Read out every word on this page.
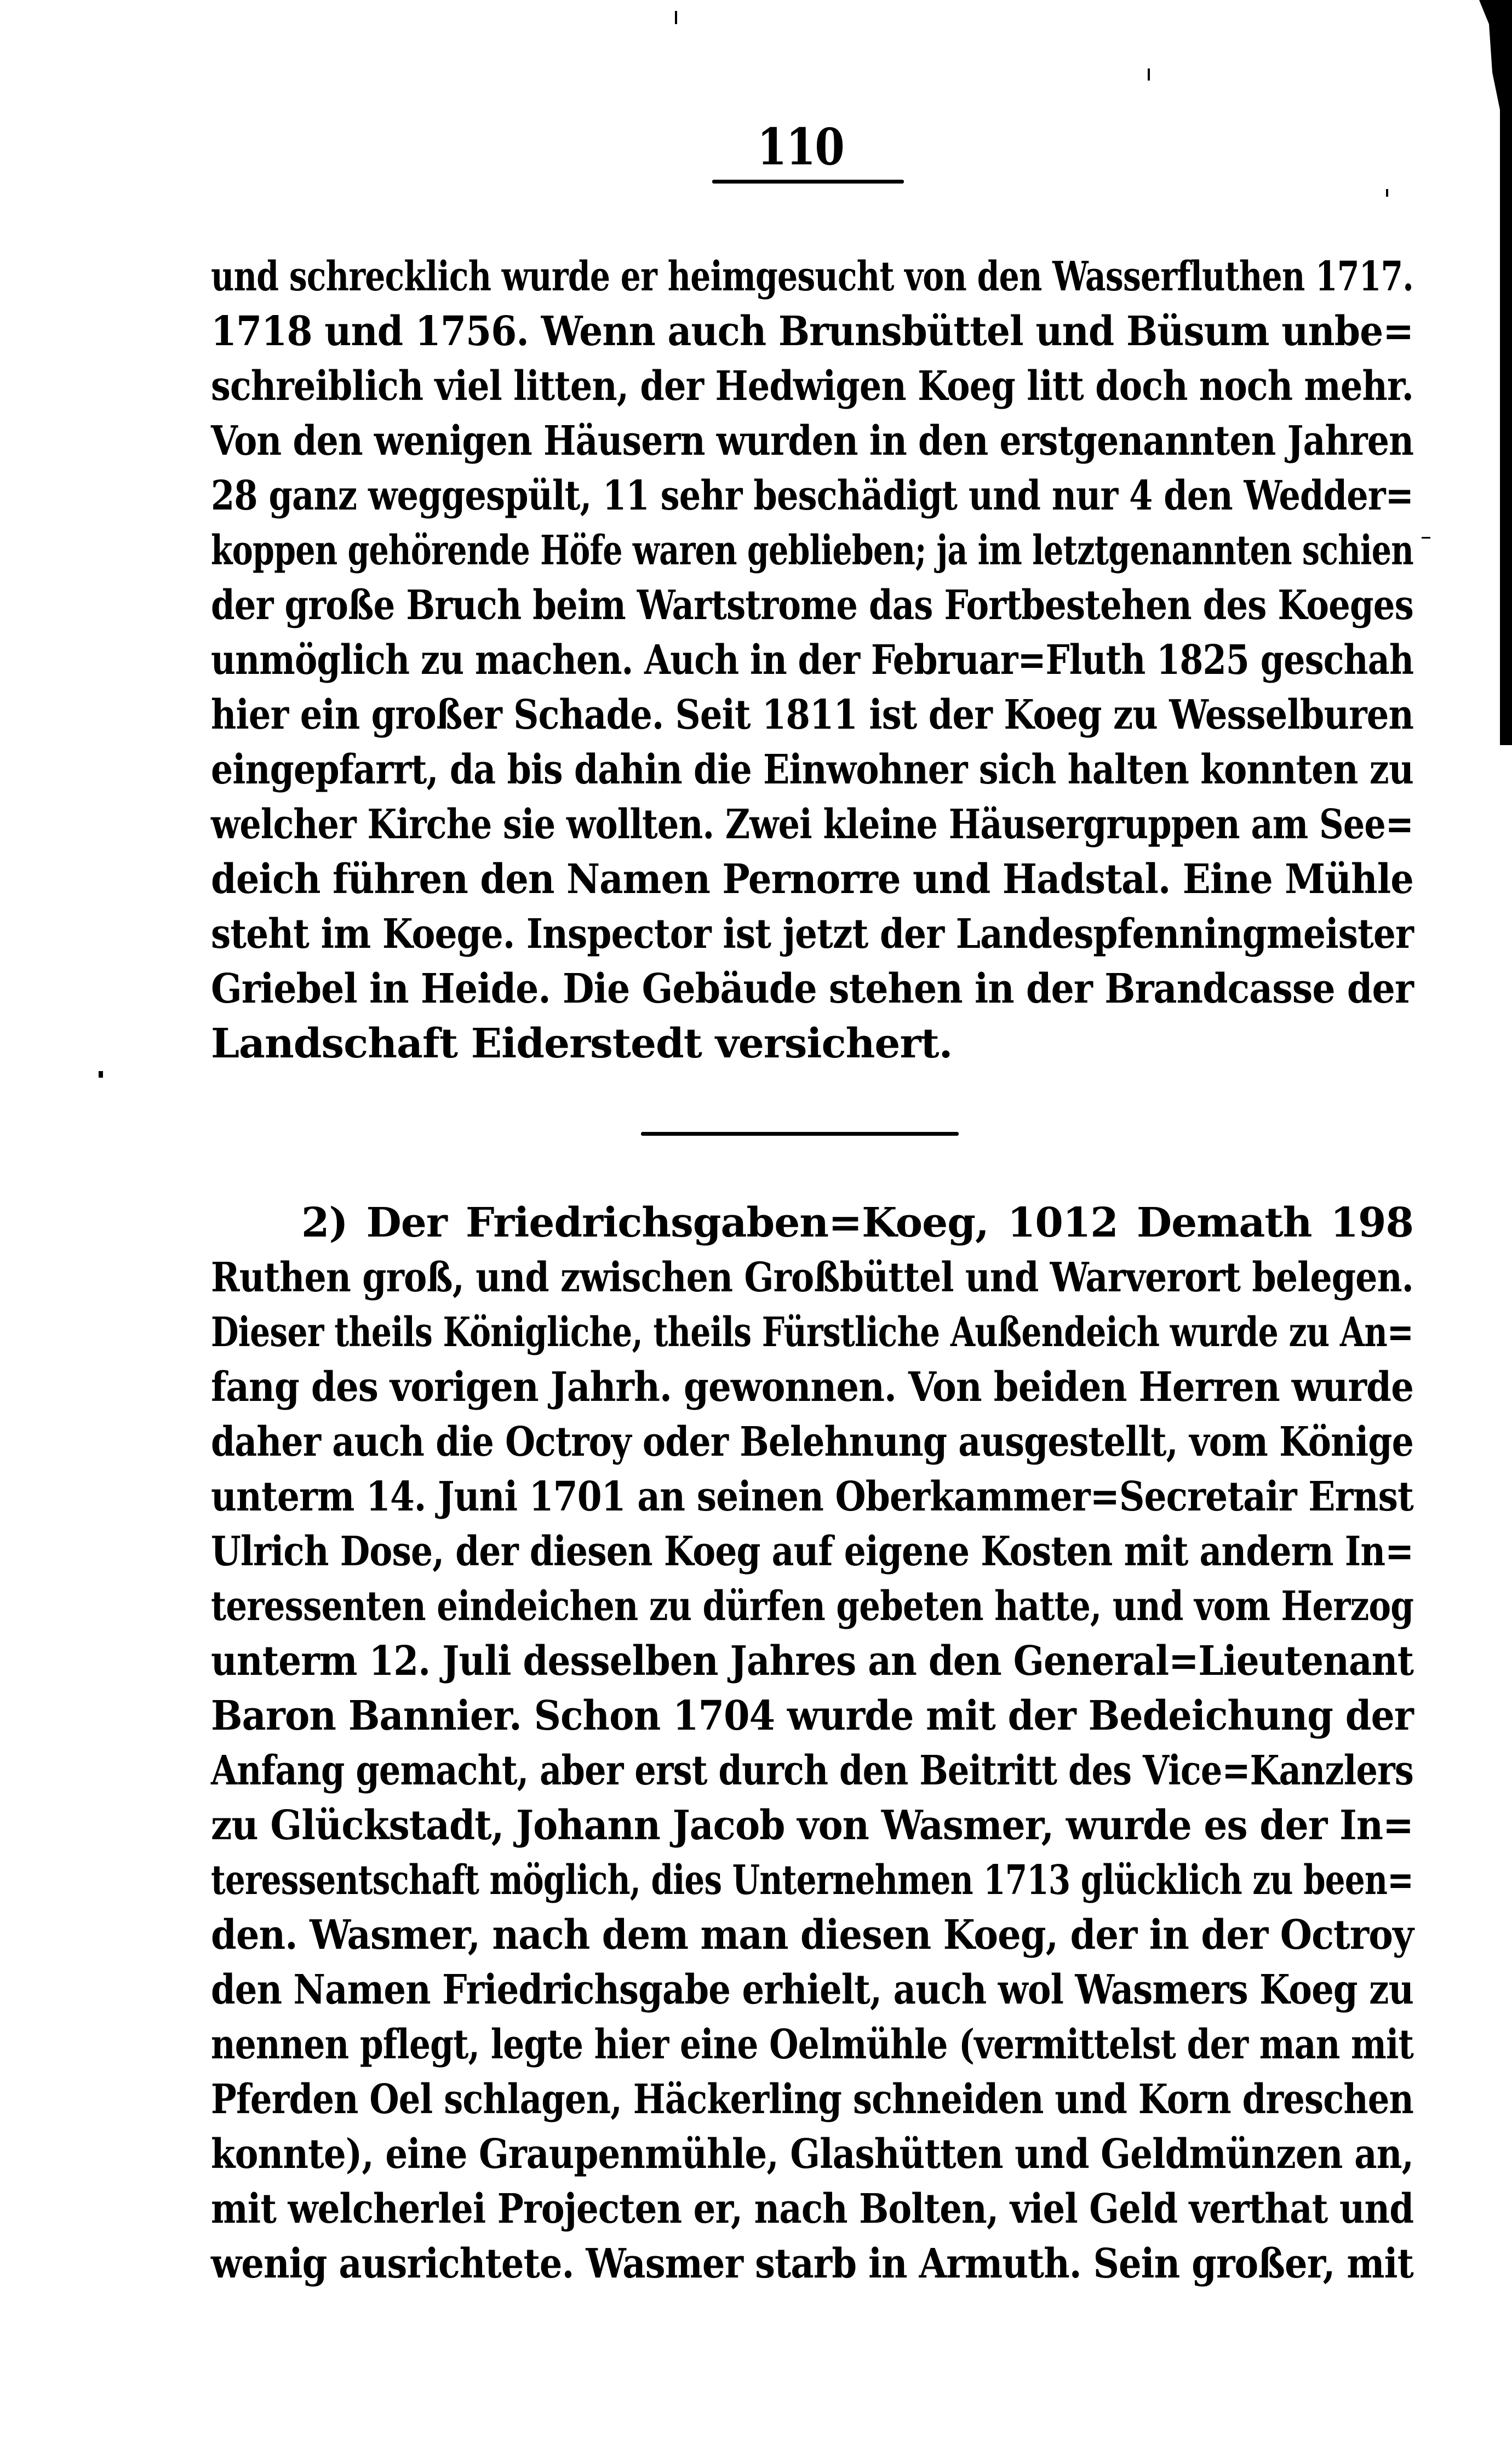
110
und schrecklich wurde er heimgesucht von den Wasserfluthen 1717.
1718 und 1756. Wenn auch Brunsbüttel und Büsum unbe=
schreiblich viel litten, der Hedwigen Koeg litt doch noch mehr.
Von den wenigen Häusern wurden in den erstgenannten Jahren
28 ganz weggespült, 11 sehr beschädigt und nur 4 den Wedder=
koppen gehörende Höfe waren geblieben; ja im letztgenannten schien
der große Bruch beim Wartstrome das Fortbestehen des Koeges
unmöglich zu machen. Auch in der Februar=Fluth 1825 geschah
hier ein großer Schade. Seit 1811 ist der Koeg zu Wesselburen
eingepfarrt, da bis dahin die Einwohner sich halten konnten zu
welcher Kirche sie wollten. Zwei kleine Häusergruppen am See=
deich führen den Namen Pernorre und Hadstal. Eine Mühle
steht im Koege. Inspector ist jetzt der Landespfenningmeister
Griebel in Heide. Die Gebäude stehen in der Brandcasse der
Landschaft Eiderstedt versichert.
2) Der Friedrichsgaben=Koeg, 1012 Demath 198
Ruthen groß, und zwischen Großbüttel und Warverort belegen.
Dieser theils Königliche, theils Fürstliche Außendeich wurde zu An=
fang des vorigen Jahrh. gewonnen. Von beiden Herren wurde
daher auch die Octroy oder Belehnung ausgestellt, vom Könige
unterm 14. Juni 1701 an seinen Oberkammer=Secretair Ernst
Ulrich Dose, der diesen Koeg auf eigene Kosten mit andern In=
teressenten eindeichen zu dürfen gebeten hatte, und vom Herzog
unterm 12. Juli desselben Jahres an den General=Lieutenant
Baron Bannier. Schon 1704 wurde mit der Bedeichung der
Anfang gemacht, aber erst durch den Beitritt des Vice=Kanzlers
zu Glückstadt, Johann Jacob von Wasmer, wurde es der In=
teressentschaft möglich, dies Unternehmen 1713 glücklich zu been=
den. Wasmer, nach dem man diesen Koeg, der in der Octroy
den Namen Friedrichsgabe erhielt, auch wol Wasmers Koeg zu
nennen pflegt, legte hier eine Oelmühle (vermittelst der man mit
Pferden Oel schlagen, Häckerling schneiden und Korn dreschen
konnte), eine Graupenmühle, Glashütten und Geldmünzen an,
mit welcherlei Projecten er, nach Bolten, viel Geld verthat und
wenig ausrichtete. Wasmer starb in Armuth. Sein großer, mit
